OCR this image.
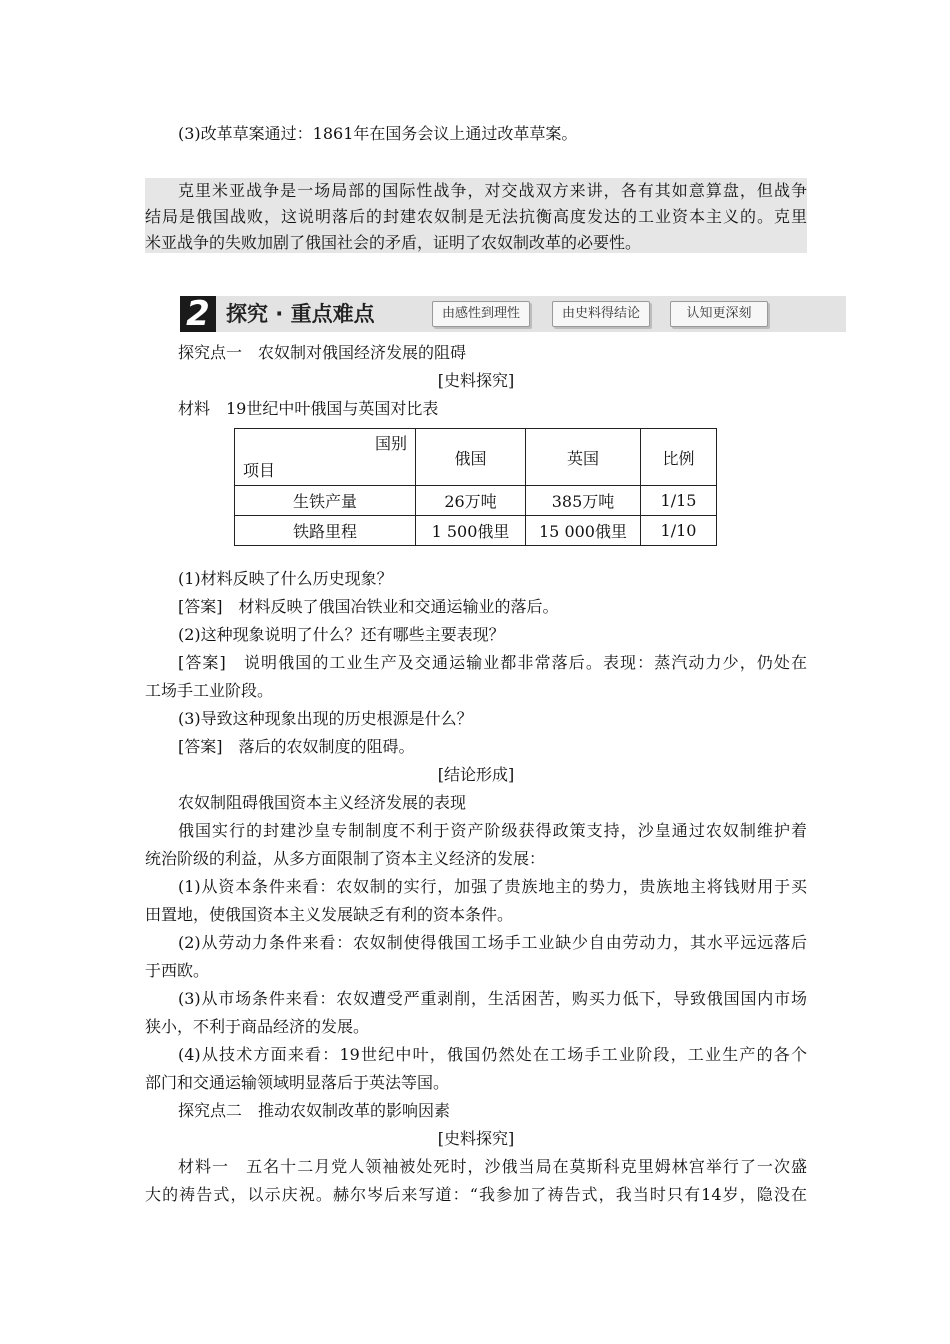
(3)改革草案通过：1861年在国务会议上通过改革草案。
克里米亚战争是一场局部的国际性战争，对交战双方来讲，各有其如意算盘，但战争
结局是俄国战败，这说明落后的封建农奴制是无法抗衡高度发达的工业资本主义的。克里
米亚战争的失败加剧了俄国社会的矛盾，证明了农奴制改革的必要性。
2 探究 · 重点难点	由感性到理性	由史料得结论	认知更深刻
探究点一　农奴制对俄国经济发展的阻碍
[史料探究]
材料　19世纪中叶俄国与英国对比表
国别
项目	俄国	英国	比例
生铁产量	26万吨	385万吨	1/15
铁路里程	1 500俄里	15 000俄里	1/10
(1)材料反映了什么历史现象？
[答案]　材料反映了俄国冶铁业和交通运输业的落后。
(2)这种现象说明了什么？还有哪些主要表现？
[答案]　说明俄国的工业生产及交通运输业都非常落后。表现：蒸汽动力少，仍处在
工场手工业阶段。
(3)导致这种现象出现的历史根源是什么？
[答案]　落后的农奴制度的阻碍。
[结论形成]
农奴制阻碍俄国资本主义经济发展的表现
俄国实行的封建沙皇专制制度不利于资产阶级获得政策支持，沙皇通过农奴制维护着
统治阶级的利益，从多方面限制了资本主义经济的发展：
(1)从资本条件来看：农奴制的实行，加强了贵族地主的势力，贵族地主将钱财用于买
田置地，使俄国资本主义发展缺乏有利的资本条件。
(2)从劳动力条件来看：农奴制使得俄国工场手工业缺少自由劳动力，其水平远远落后
于西欧。
(3)从市场条件来看：农奴遭受严重剥削，生活困苦，购买力低下，导致俄国国内市场
狭小，不利于商品经济的发展。
(4)从技术方面来看：19世纪中叶，俄国仍然处在工场手工业阶段，工业生产的各个
部门和交通运输领域明显落后于英法等国。
探究点二　推动农奴制改革的影响因素
[史料探究]
材料一　五名十二月党人领袖被处死时，沙俄当局在莫斯科克里姆林宫举行了一次盛
大的祷告式，以示庆祝。赫尔岑后来写道：“我参加了祷告式，我当时只有14岁，隐没在
